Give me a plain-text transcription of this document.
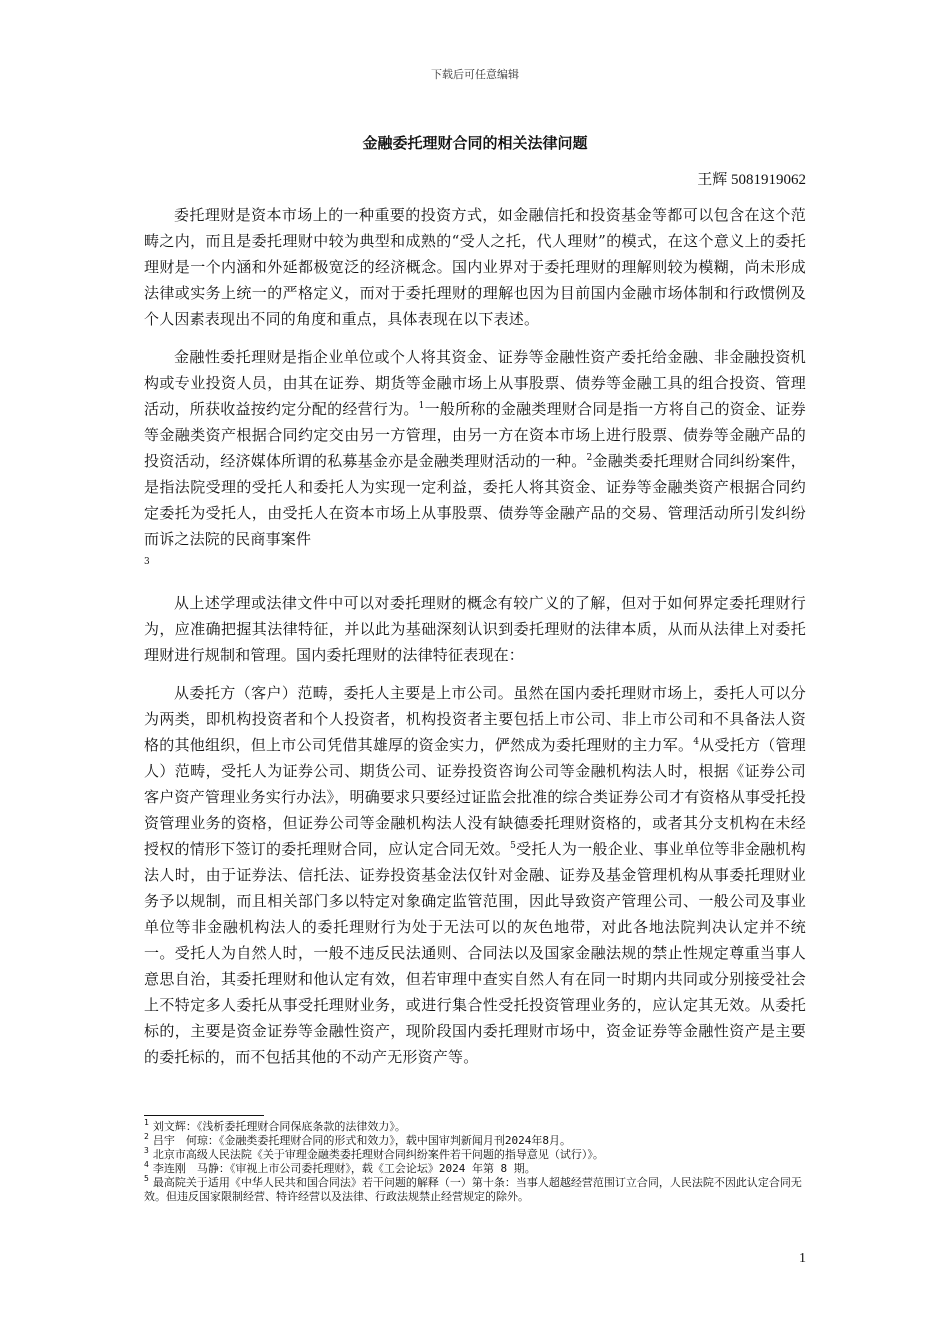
下载后可任意编辑
金融委托理财合同的相关法律问题
王辉 5081919062

委托理财是资本市场上的一种重要的投资方式，如金融信托和投资基金等都可以包含在这个范畴之内，而且是委托理财中较为典型和成熟的“受人之托，代人理财”的模式，在这个意义上的委托理财是一个内涵和外延都极宽泛的经济概念。国内业界对于委托理财的理解则较为模糊，尚未形成法律或实务上统一的严格定义，而对于委托理财的理解也因为目前国内金融市场体制和行政惯例及个人因素表现出不同的角度和重点，具体表现在以下表述。

金融性委托理财是指企业单位或个人将其资金、证券等金融性资产委托给金融、非金融投资机构或专业投资人员，由其在证券、期货等金融市场上从事股票、债券等金融工具的组合投资、管理活动，所获收益按约定分配的经营行为。$^1$一般所称的金融类理财合同是指一方将自己的资金、证券等金融类资产根据合同约定交由另一方管理，由另一方在资本市场上进行股票、债券等金融产品的投资活动，经济媒体所谓的私募基金亦是金融类理财活动的一种。$^2$金融类委托理财合同纠纷案件，是指法院受理的受托人和委托人为实现一定利益，委托人将其资金、证券等金融类资产根据合同约定委托为受托人，由受托人在资本市场上从事股票、债券等金融产品的交易、管理活动所引发纠纷而诉之法院的民商事案件
$^3$

从上述学理或法律文件中可以对委托理财的概念有较广义的了解，但对于如何界定委托理财行为，应准确把握其法律特征，并以此为基础深刻认识到委托理财的法律本质，从而从法律上对委托理财进行规制和管理。国内委托理财的法律特征表现在：

从委托方（客户）范畴，委托人主要是上市公司。虽然在国内委托理财市场上，委托人可以分为两类，即机构投资者和个人投资者，机构投资者主要包括上市公司、非上市公司和不具备法人资格的其他组织，但上市公司凭借其雄厚的资金实力，俨然成为委托理财的主力军。$^4$从受托方（管理人）范畴，受托人为证券公司、期货公司、证券投资咨询公司等金融机构法人时，根据《证券公司客户资产管理业务实行办法》，明确要求只要经过证监会批准的综合类证券公司才有资格从事受托投资管理业务的资格，但证券公司等金融机构法人没有缺德委托理财资格的，或者其分支机构在未经授权的情形下签订的委托理财合同，应认定合同无效。$^5$受托人为一般企业、事业单位等非金融机构法人时，由于证券法、信托法、证券投资基金法仅针对金融、证券及基金管理机构从事委托理财业务予以规制，而且相关部门多以特定对象确定监管范围，因此导致资产管理公司、一般公司及事业单位等非金融机构法人的委托理财行为处于无法可以的灰色地带，对此各地法院判决认定并不统一。受托人为自然人时，一般不违反民法通则、合同法以及国家金融法规的禁止性规定尊重当事人意思自治，其委托理财和他认定有效，但若审理中查实自然人有在同一时期内共同或分别接受社会上不特定多人委托从事受托理财业务，或进行集合性受托投资管理业务的，应认定其无效。从委托标的，主要是资金证券等金融性资产，现阶段国内委托理财市场中，资金证券等金融性资产是主要的委托标的，而不包括其他的不动产无形资产等。

$^1$ 刘文辉：《浅析委托理财合同保底条款的法律效力》。

$^2$ 吕宇　何琼：《金融类委托理财合同的形式和效力》，载中国审判新闻月刊2024年8月。

$^3$ 北京市高级人民法院《关于审理金融类委托理财合同纠纷案件若干问题的指导意见（试行）》。

$^4$ 李连刚　马静：《审视上市公司委托理财》，载《工会论坛》2024 年第 8 期。

$^5$ 最高院关于适用《中华人民共和国合同法》若干问题的解释（一）第十条：当事人超越经营范围订立合同，人民法院不因此认定合同无效。但违反国家限制经营、特许经营以及法律、行政法规禁止经营规定的除外。

1
